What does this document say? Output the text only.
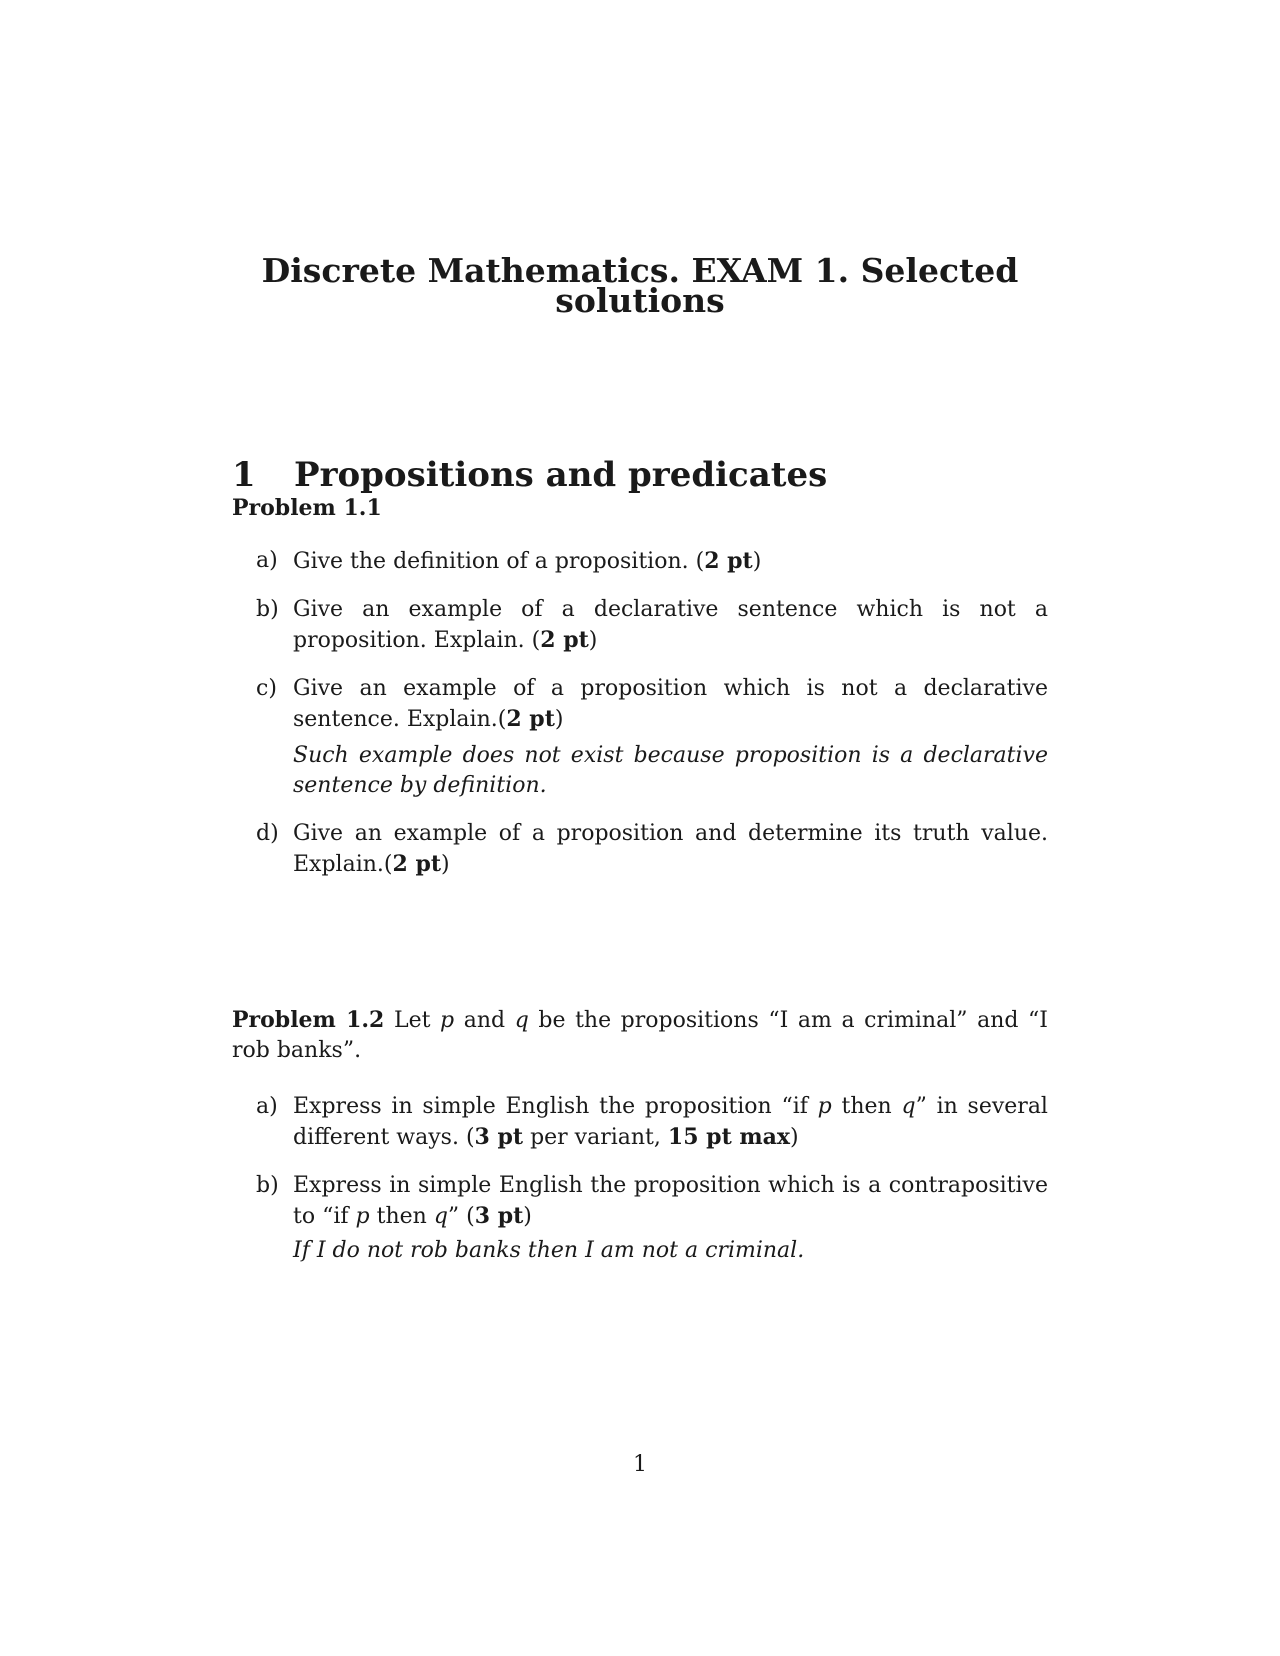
Discrete Mathematics. EXAM 1. Selected
solutions
1 Propositions and predicates
Problem 1.1
a) Give the definition of a proposition. (2 pt)
b) Give an example of a declarative sentence which is not a proposition. Explain. (2 pt)
c) Give an example of a proposition which is not a declarative sentence. Explain.(2 pt)
Such example does not exist because proposition is a declarative sentence by definition.
d) Give an example of a proposition and determine its truth value. Explain.(2 pt)
Problem 1.2 Let p and q be the propositions “I am a criminal” and “I rob banks”.
a) Express in simple English the proposition “if p then q” in several different ways. (3 pt per variant, 15 pt max)
b) Express in simple English the proposition which is a contrapositive to “if p then q” (3 pt)
If I do not rob banks then I am not a criminal.
1
